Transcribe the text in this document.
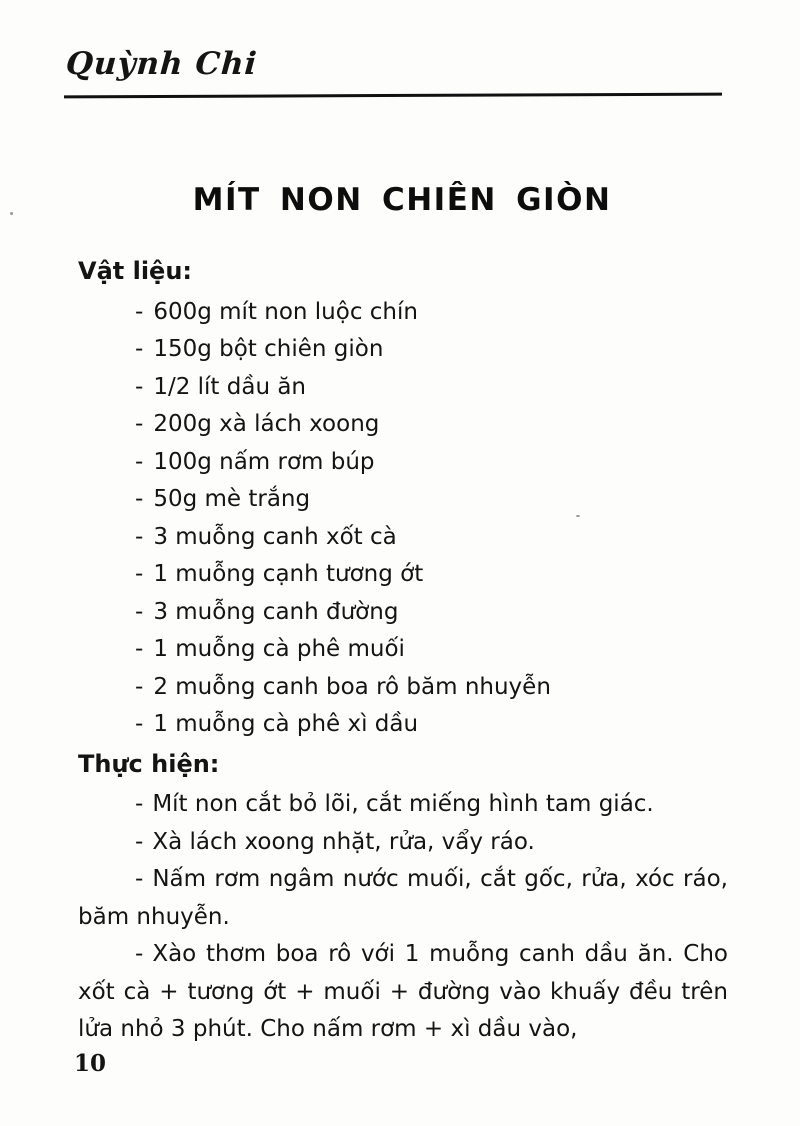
Quỳnh Chi
MÍT NON CHIÊN GIÒN
Vật liệu:
- 600g mít non luộc chín
- 150g bột chiên giòn
- 1/2 lít dầu ăn
- 200g xà lách xoong
- 100g nấm rơm búp
- 50g mè trắng
- 3 muỗng canh xốt cà
- 1 muỗng cạnh tương ớt
- 3 muỗng canh đường
- 1 muỗng cà phê muối
- 2 muỗng canh boa rô băm nhuyễn
- 1 muỗng cà phê xì dầu
Thực hiện:

- Mít non cắt bỏ lõi, cắt miếng hình tam giác.

- Xà lách xoong nhặt, rửa, vẩy ráo.

- Nấm rơm ngâm nước muối, cắt gốc, rửa, xóc ráo, băm nhuyễn.

- Xào thơm boa rô với 1 muỗng canh dầu ăn. Cho xốt cà + tương ớt + muối + đường vào khuấy đều trên lửa nhỏ 3 phút. Cho nấm rơm + xì dầu vào,

10
